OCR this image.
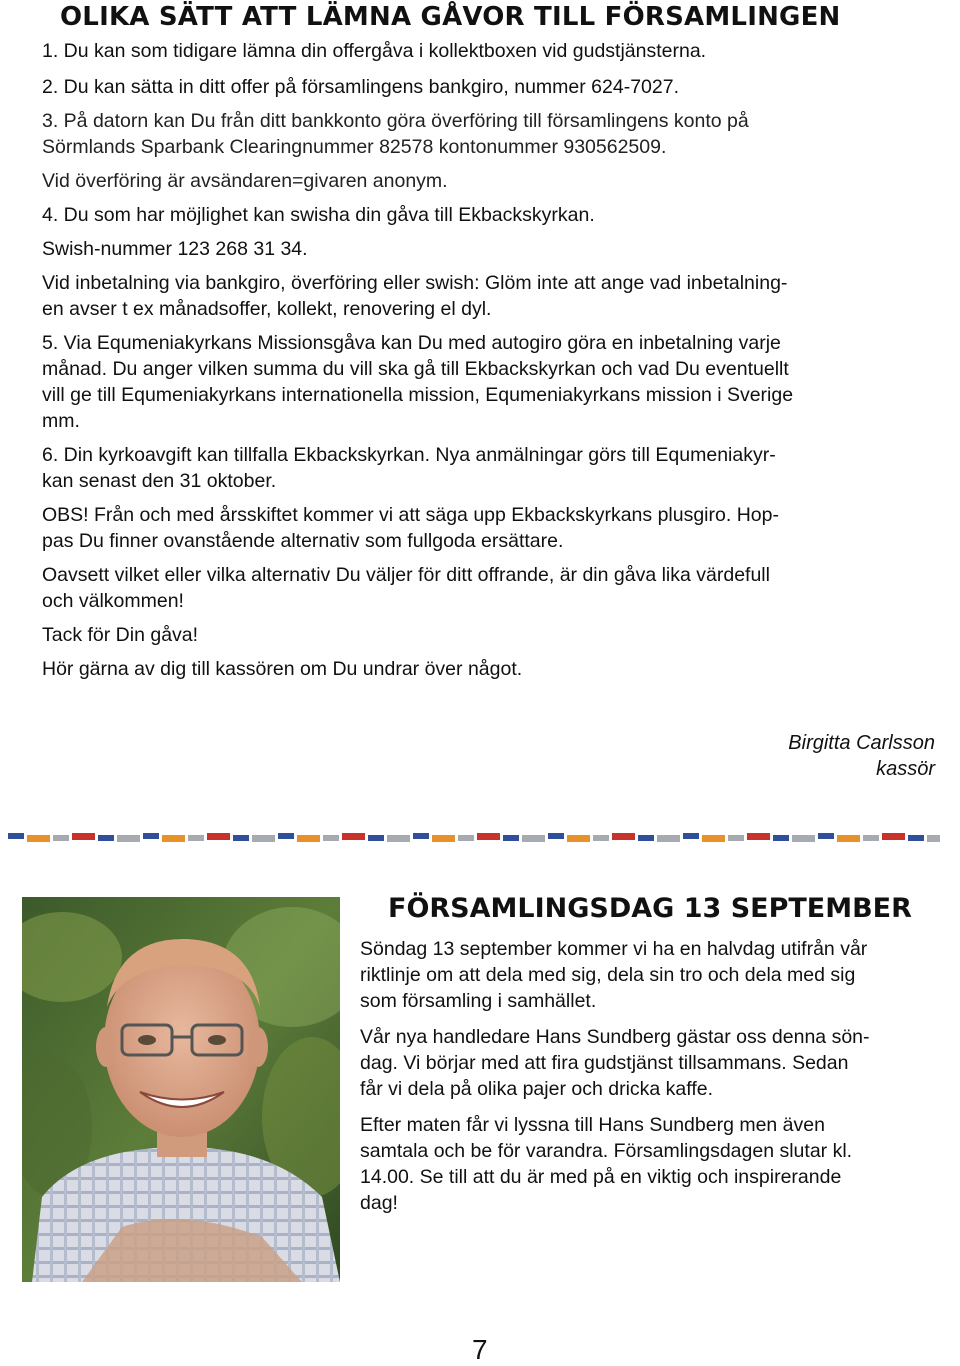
OLIKA SÄTT ATT LÄMNA GÅVOR TILL FÖRSAMLINGEN

1. Du kan som tidigare lämna din offergåva i kollektboxen vid gudstjänsterna.

2. Du kan sätta in ditt offer på församlingens bankgiro, nummer 624-7027.

3. På datorn kan Du från ditt bankkonto göra överföring till församlingens konto på
Sörmlands Sparbank Clearingnummer 82578 kontonummer 930562509.

Vid överföring är avsändaren=givaren anonym.

4. Du som har möjlighet kan swisha din gåva till Ekbackskyrkan.

Swish-nummer 123 268 31 34.

Vid inbetalning via bankgiro, överföring eller swish: Glöm inte att ange vad inbetalning-
en avser t ex månadsoffer, kollekt, renovering el dyl.

5. Via Equmeniakyrkans Missionsgåva kan Du med autogiro göra en inbetalning varje
månad. Du anger vilken summa du vill ska gå till Ekbackskyrkan och vad Du eventuellt
vill ge till Equmeniakyrkans internationella mission, Equmeniakyrkans mission i Sverige
mm.

6. Din kyrkoavgift kan tillfalla Ekbackskyrkan. Nya anmälningar görs till Equmeniakyr-
kan senast den 31 oktober.

OBS! Från och med årsskiftet kommer vi att säga upp Ekbackskyrkans plusgiro. Hop-
pas Du finner ovanstående alternativ som fullgoda ersättare.

Oavsett vilket eller vilka alternativ Du väljer för ditt offrande, är din gåva lika värdefull
och välkommen!

Tack för Din gåva!

Hör gärna av dig till kassören om Du undrar över något.

Birgitta Carlsson
kassör
FÖRSAMLINGSDAG 13 SEPTEMBER

Söndag 13 september kommer vi ha en halvdag utifrån vår
riktlinje om att dela med sig, dela sin tro och dela med sig
som församling i samhället.

Vår nya handledare Hans Sundberg gästar oss denna sön-
dag. Vi börjar med att fira gudstjänst tillsammans. Sedan
får vi dela på olika pajer och dricka kaffe.

Efter maten får vi lyssna till Hans Sundberg men även
samtala och be för varandra. Församlingsdagen slutar kl.
14.00. Se till att du är med på en viktig och inspirerande
dag!

7
